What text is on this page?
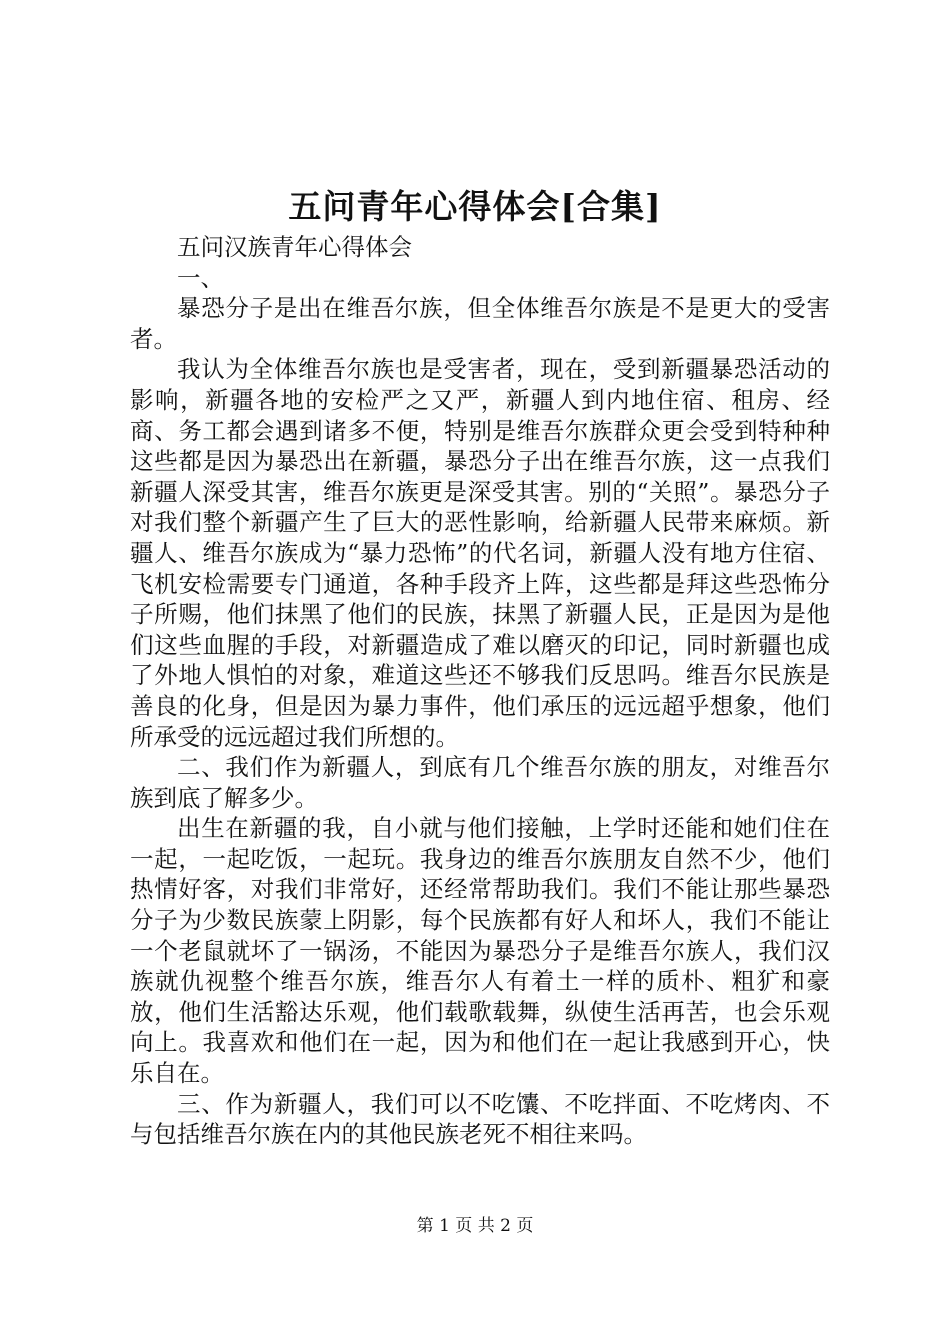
五问青年心得体会[合集]

五问汉族青年心得体会

一、

暴恐分子是出在维吾尔族，但全体维吾尔族是不是更大的受害者。

我认为全体维吾尔族也是受害者，现在，受到新疆暴恐活动的影响，新疆各地的安检严之又严，新疆人到内地住宿、租房、经商、务工都会遇到诸多不便，特别是维吾尔族群众更会受到特种种这些都是因为暴恐出在新疆，暴恐分子出在维吾尔族，这一点我们新疆人深受其害，维吾尔族更是深受其害。别的“关照”。暴恐分子对我们整个新疆产生了巨大的恶性影响，给新疆人民带来麻烦。新疆人、维吾尔族成为“暴力恐怖”的代名词，新疆人没有地方住宿、飞机安检需要专门通道，各种手段齐上阵，这些都是拜这些恐怖分子所赐，他们抹黑了他们的民族，抹黑了新疆人民，正是因为是他们这些血腥的手段，对新疆造成了难以磨灭的印记，同时新疆也成了外地人惧怕的对象，难道这些还不够我们反思吗。维吾尔民族是善良的化身，但是因为暴力事件，他们承压的远远超乎想象，他们所承受的远远超过我们所想的。

二、我们作为新疆人，到底有几个维吾尔族的朋友，对维吾尔族到底了解多少。

出生在新疆的我，自小就与他们接触，上学时还能和她们住在一起，一起吃饭，一起玩。我身边的维吾尔族朋友自然不少，他们热情好客，对我们非常好，还经常帮助我们。我们不能让那些暴恐分子为少数民族蒙上阴影，每个民族都有好人和坏人，我们不能让一个老鼠就坏了一锅汤，不能因为暴恐分子是维吾尔族人，我们汉族就仇视整个维吾尔族，维吾尔人有着土一样的质朴、粗犷和豪放，他们生活豁达乐观，他们载歌载舞，纵使生活再苦，也会乐观向上。我喜欢和他们在一起，因为和他们在一起让我感到开心，快乐自在。

三、作为新疆人，我们可以不吃馕、不吃拌面、不吃烤肉、不与包括维吾尔族在内的其他民族老死不相往来吗。

第 1 页 共 2 页
